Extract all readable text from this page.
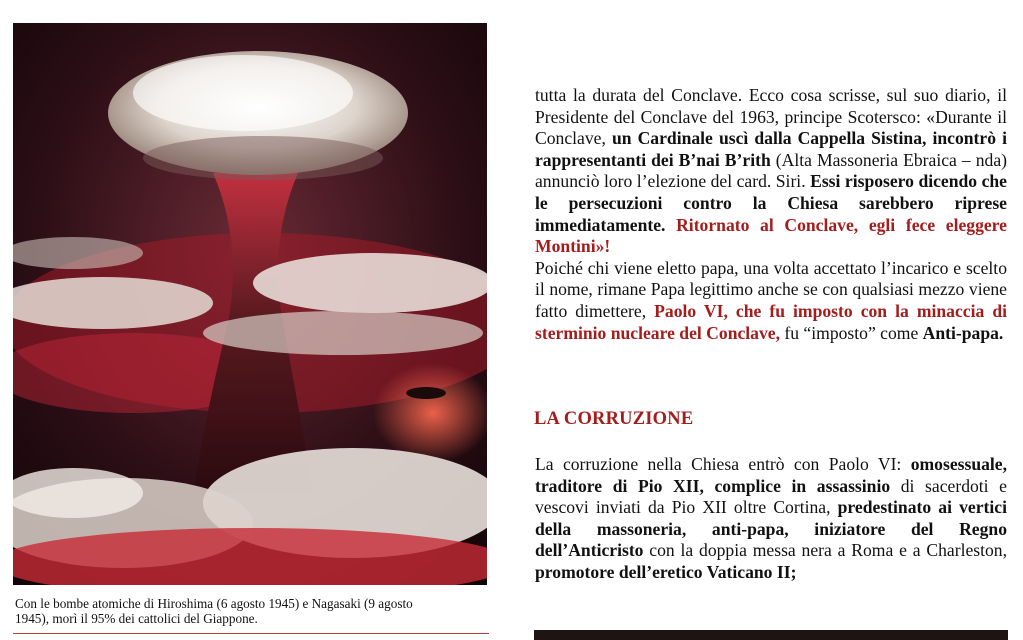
Con le bombe atomiche di Hiroshima (6 agosto 1945) e Nagasaki (9 agosto
1945), morì il 95% dei cattolici del Giappone.

tutta la durata del Conclave. Ecco cosa scrisse, sul suo diario, il Presidente del Conclave del 1963, principe Scotersco: «Durante il Conclave, un Cardinale uscì dalla Cappella Sistina, incontrò i rappresentanti dei B’nai B’rith (Alta Massoneria Ebraica – nda) annunciò loro l’elezione del card. Siri. Essi risposero dicendo che le persecuzioni contro la Chiesa sarebbero riprese immediatamente. Ritornato al Conclave, egli fece eleggere Montini»!

Poiché chi viene eletto papa, una volta accettato l’incarico e scelto il nome, rimane Papa legittimo anche se con qualsiasi mezzo viene fatto dimettere, Paolo VI, che fu imposto con la minaccia di sterminio nucleare del Conclave, fu “imposto” come Anti-papa.

LA CORRUZIONE

La corruzione nella Chiesa entrò con Paolo VI: omosessuale, traditore di Pio XII, complice in assassinio di sacerdoti e vescovi inviati da Pio XII oltre Cortina, predestinato ai vertici della massoneria, anti-papa, iniziatore del Regno dell’Anticristo con la doppia messa nera a Roma e a Charleston, promotore dell’eretico Vaticano II;
